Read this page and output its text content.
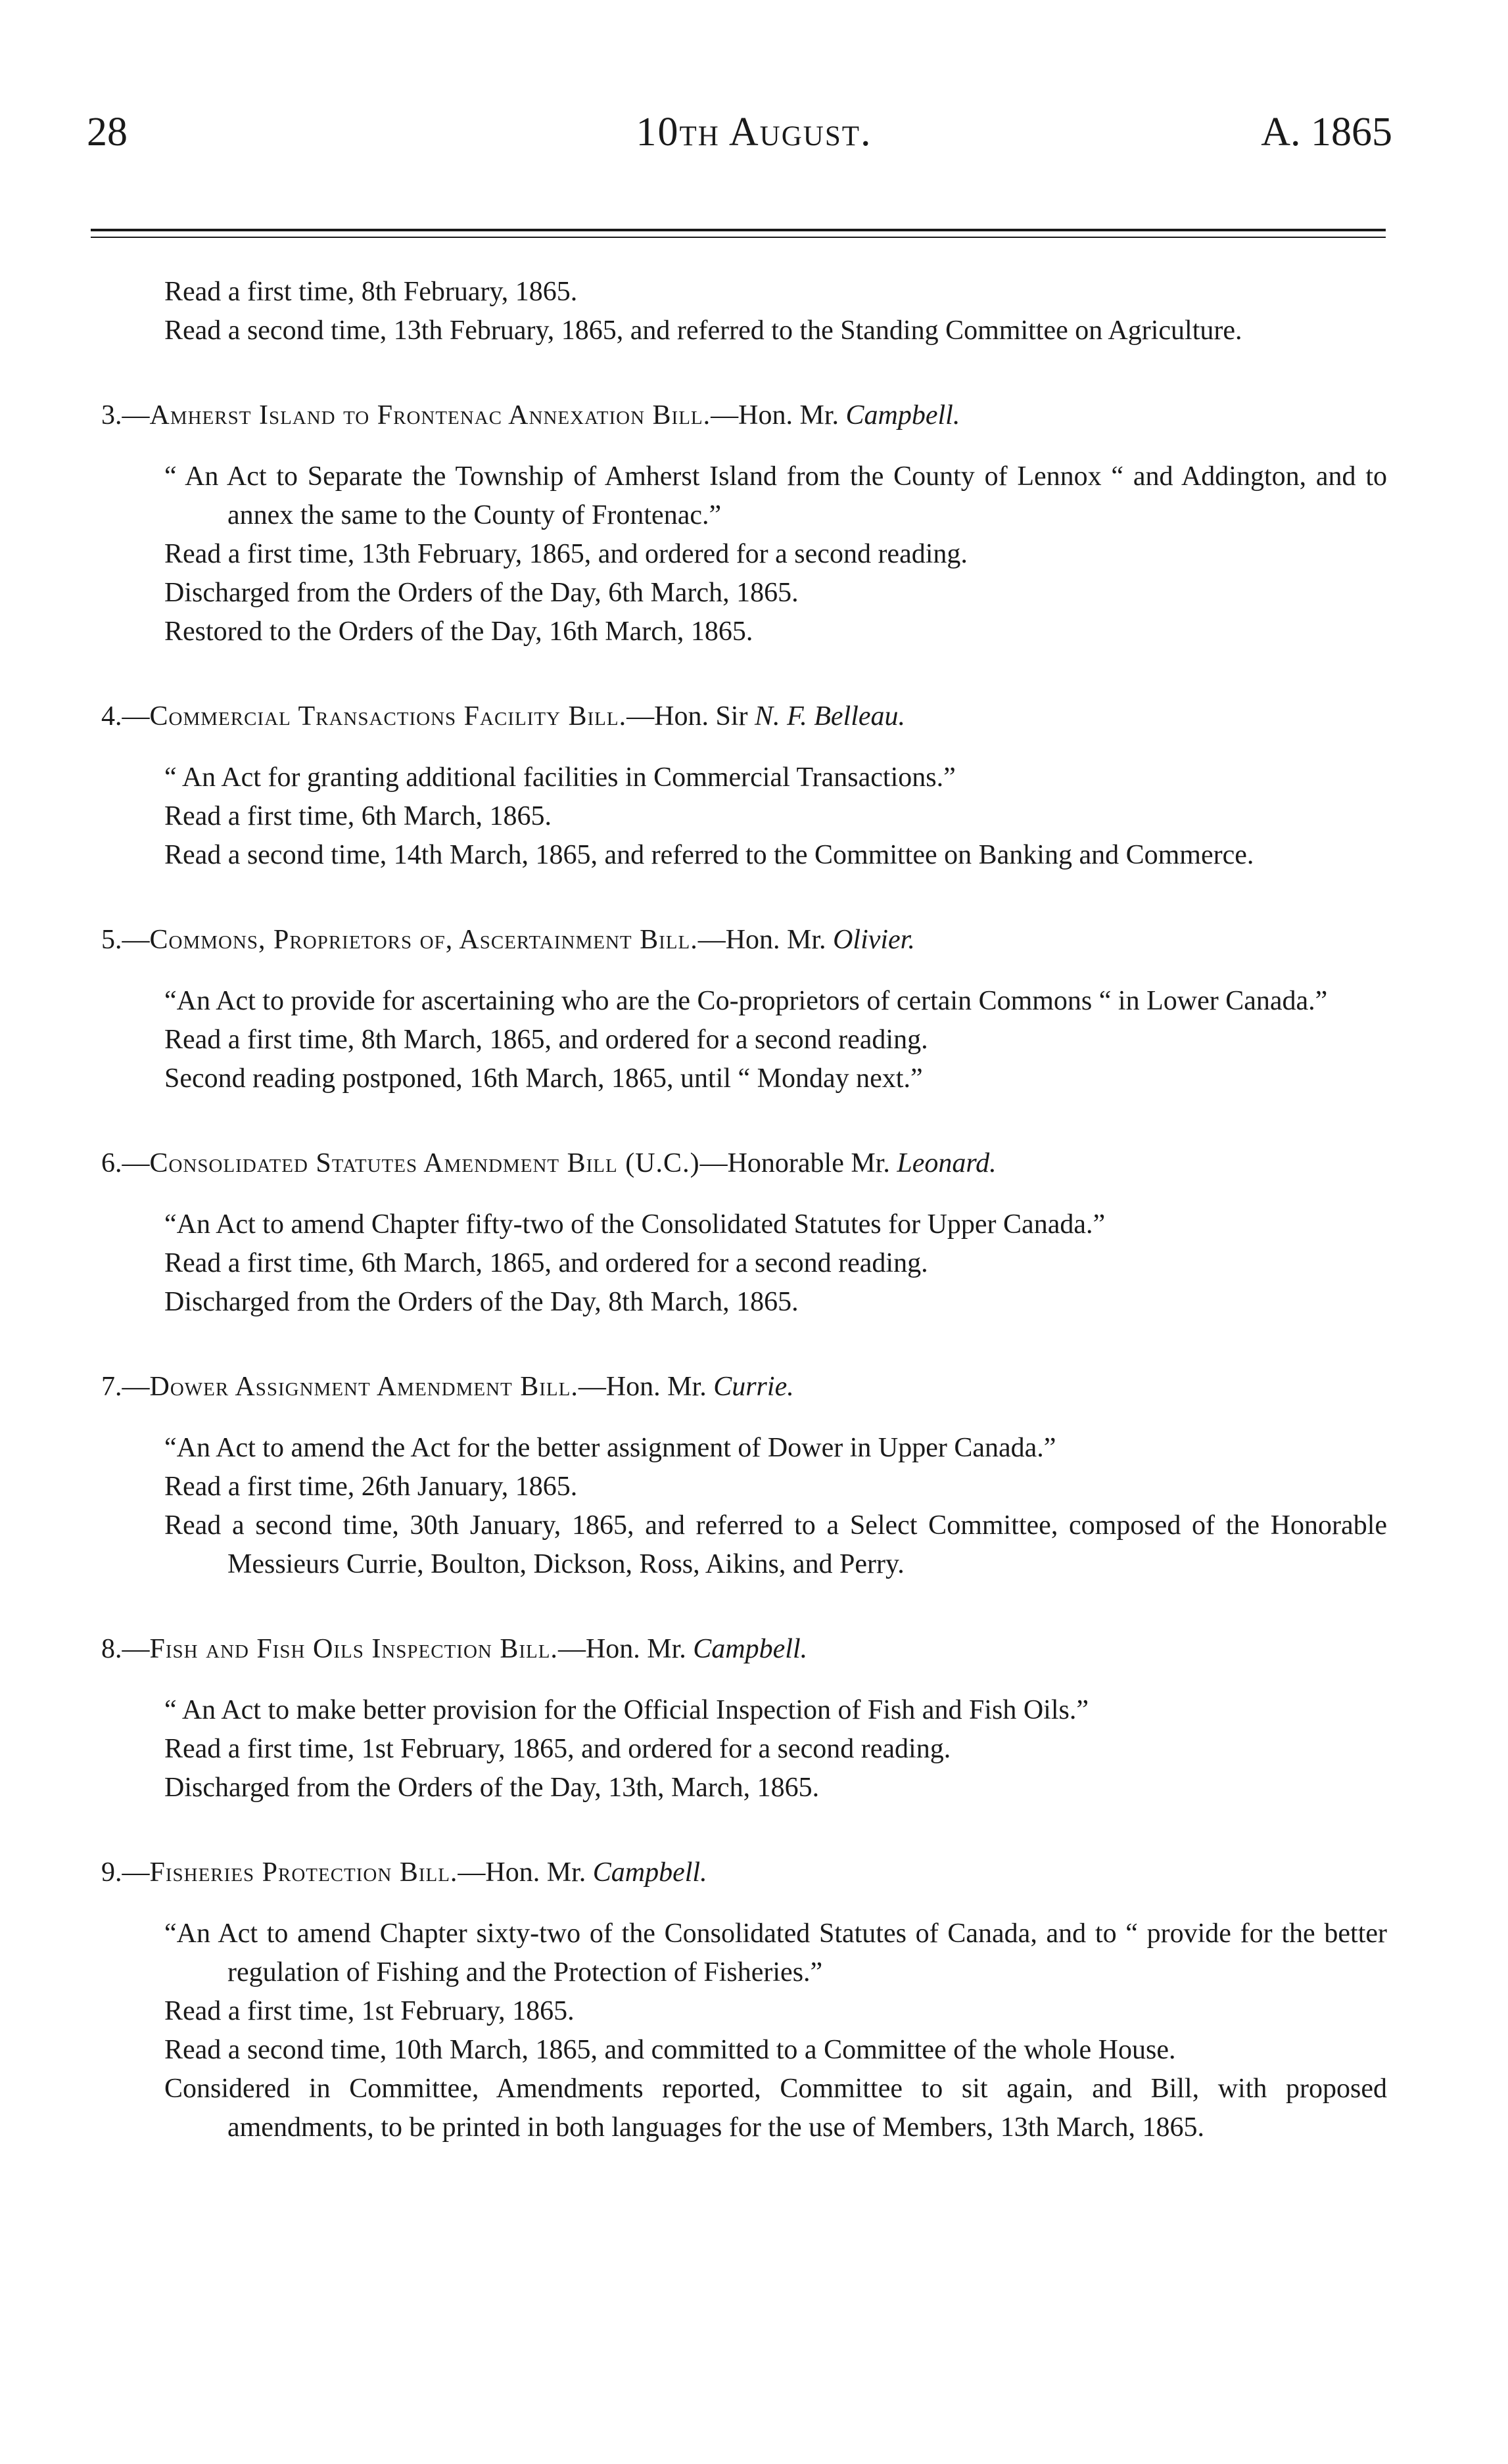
28	10th August.	A. 1865
Read a first time, 8th February, 1865.
Read a second time, 13th February, 1865, and referred to the Standing Committee on Agriculture.
3.—Amherst Island to Frontenac Annexation Bill.—Hon. Mr. Campbell.
“ An Act to Separate the Township of Amherst Island from the County of Lennox “ and Addington, and to annex the same to the County of Frontenac.”
Read a first time, 13th February, 1865, and ordered for a second reading.
Discharged from the Orders of the Day, 6th March, 1865.
Restored to the Orders of the Day, 16th March, 1865.
4.—Commercial Transactions Facility Bill.—Hon. Sir N. F. Belleau.
“ An Act for granting additional facilities in Commercial Transactions.”
Read a first time, 6th March, 1865.
Read a second time, 14th March, 1865, and referred to the Committee on Banking and Commerce.
5.—Commons, Proprietors of, Ascertainment Bill.—Hon. Mr. Olivier.
“An Act to provide for ascertaining who are the Co-proprietors of certain Commons “ in Lower Canada.”
Read a first time, 8th March, 1865, and ordered for a second reading.
Second reading postponed, 16th March, 1865, until “ Monday next.”
6.—Consolidated Statutes Amendment Bill (U.C.)—Honorable Mr. Leonard.
“An Act to amend Chapter fifty-two of the Consolidated Statutes for Upper Canada.”
Read a first time, 6th March, 1865, and ordered for a second reading.
Discharged from the Orders of the Day, 8th March, 1865.
7.—Dower Assignment Amendment Bill.—Hon. Mr. Currie.
“An Act to amend the Act for the better assignment of Dower in Upper Canada.”
Read a first time, 26th January, 1865.
Read a second time, 30th January, 1865, and referred to a Select Committee, composed of the Honorable Messieurs Currie, Boulton, Dickson, Ross, Aikins, and Perry.
8.—Fish and Fish Oils Inspection Bill.—Hon. Mr. Campbell.
“ An Act to make better provision for the Official Inspection of Fish and Fish Oils.”
Read a first time, 1st February, 1865, and ordered for a second reading.
Discharged from the Orders of the Day, 13th, March, 1865.
9.—Fisheries Protection Bill.—Hon. Mr. Campbell.
“An Act to amend Chapter sixty-two of the Consolidated Statutes of Canada, and to “ provide for the better regulation of Fishing and the Protection of Fisheries.”
Read a first time, 1st February, 1865.
Read a second time, 10th March, 1865, and committed to a Committee of the whole House.
Considered in Committee, Amendments reported, Committee to sit again, and Bill, with proposed amendments, to be printed in both languages for the use of Members, 13th March, 1865.
